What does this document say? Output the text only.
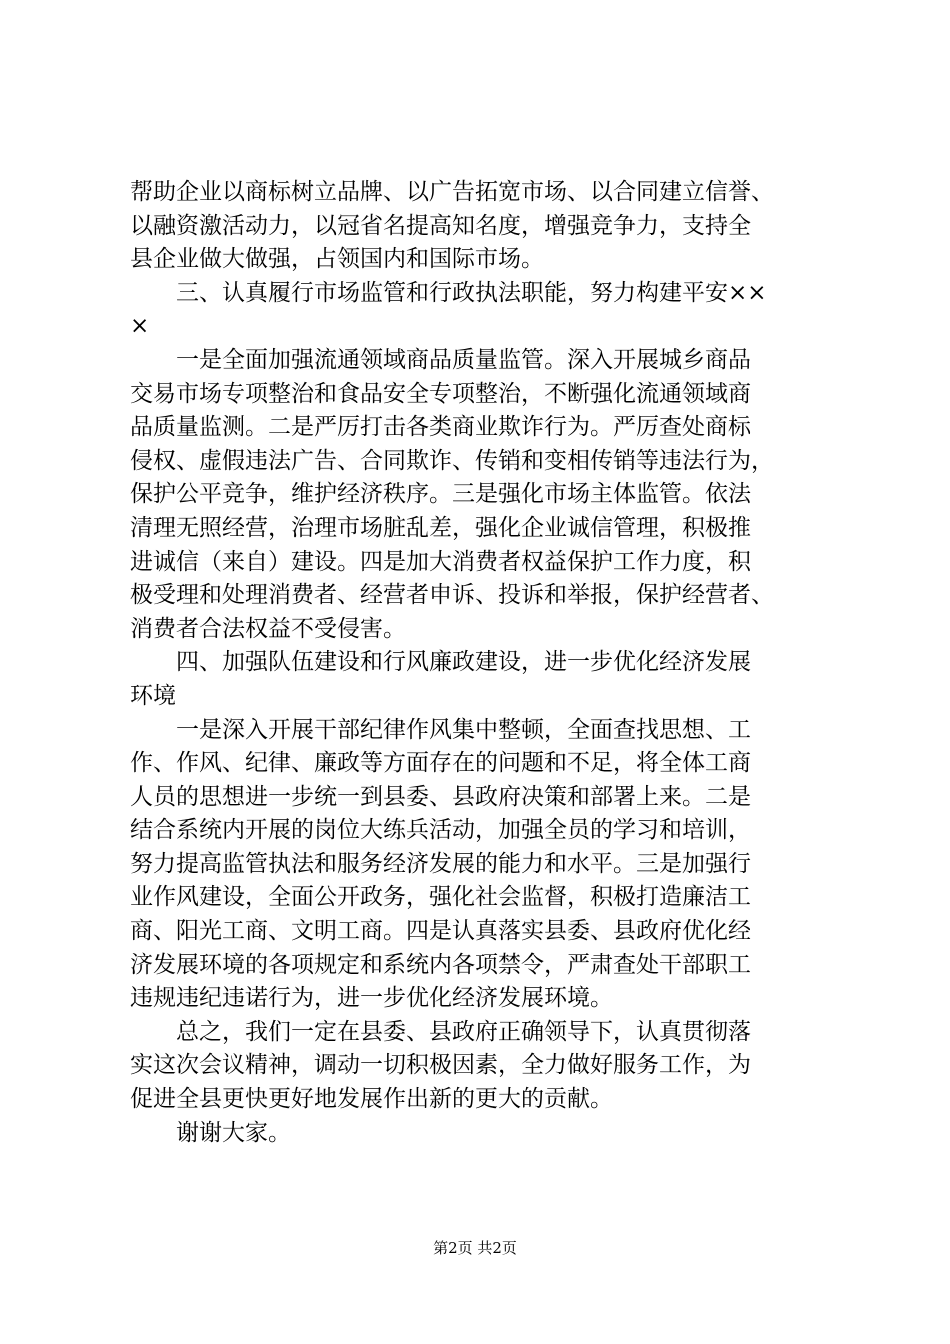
帮助企业以商标树立品牌、以广告拓宽市场、以合同建立信誉、
以融资激活动力，以冠省名提高知名度，增强竞争力，支持全
县企业做大做强，占领国内和国际市场。
三、认真履行市场监管和行政执法职能，努力构建平安××
×
一是全面加强流通领域商品质量监管。深入开展城乡商品
交易市场专项整治和食品安全专项整治，不断强化流通领域商
品质量监测。二是严厉打击各类商业欺诈行为。严厉查处商标
侵权、虚假违法广告、合同欺诈、传销和变相传销等违法行为，
保护公平竞争，维护经济秩序。三是强化市场主体监管。依法
清理无照经营，治理市场脏乱差，强化企业诚信管理，积极推
进诚信（来自）建设。四是加大消费者权益保护工作力度，积
极受理和处理消费者、经营者申诉、投诉和举报，保护经营者、
消费者合法权益不受侵害。
四、加强队伍建设和行风廉政建设，进一步优化经济发展
环境
一是深入开展干部纪律作风集中整顿，全面查找思想、工
作、作风、纪律、廉政等方面存在的问题和不足，将全体工商
人员的思想进一步统一到县委、县政府决策和部署上来。二是
结合系统内开展的岗位大练兵活动，加强全员的学习和培训，
努力提高监管执法和服务经济发展的能力和水平。三是加强行
业作风建设，全面公开政务，强化社会监督，积极打造廉洁工
商、阳光工商、文明工商。四是认真落实县委、县政府优化经
济发展环境的各项规定和系统内各项禁令，严肃查处干部职工
违规违纪违诺行为，进一步优化经济发展环境。
总之，我们一定在县委、县政府正确领导下，认真贯彻落
实这次会议精神，调动一切积极因素，全力做好服务工作，为
促进全县更快更好地发展作出新的更大的贡献。
谢谢大家。
第2页 共2页
